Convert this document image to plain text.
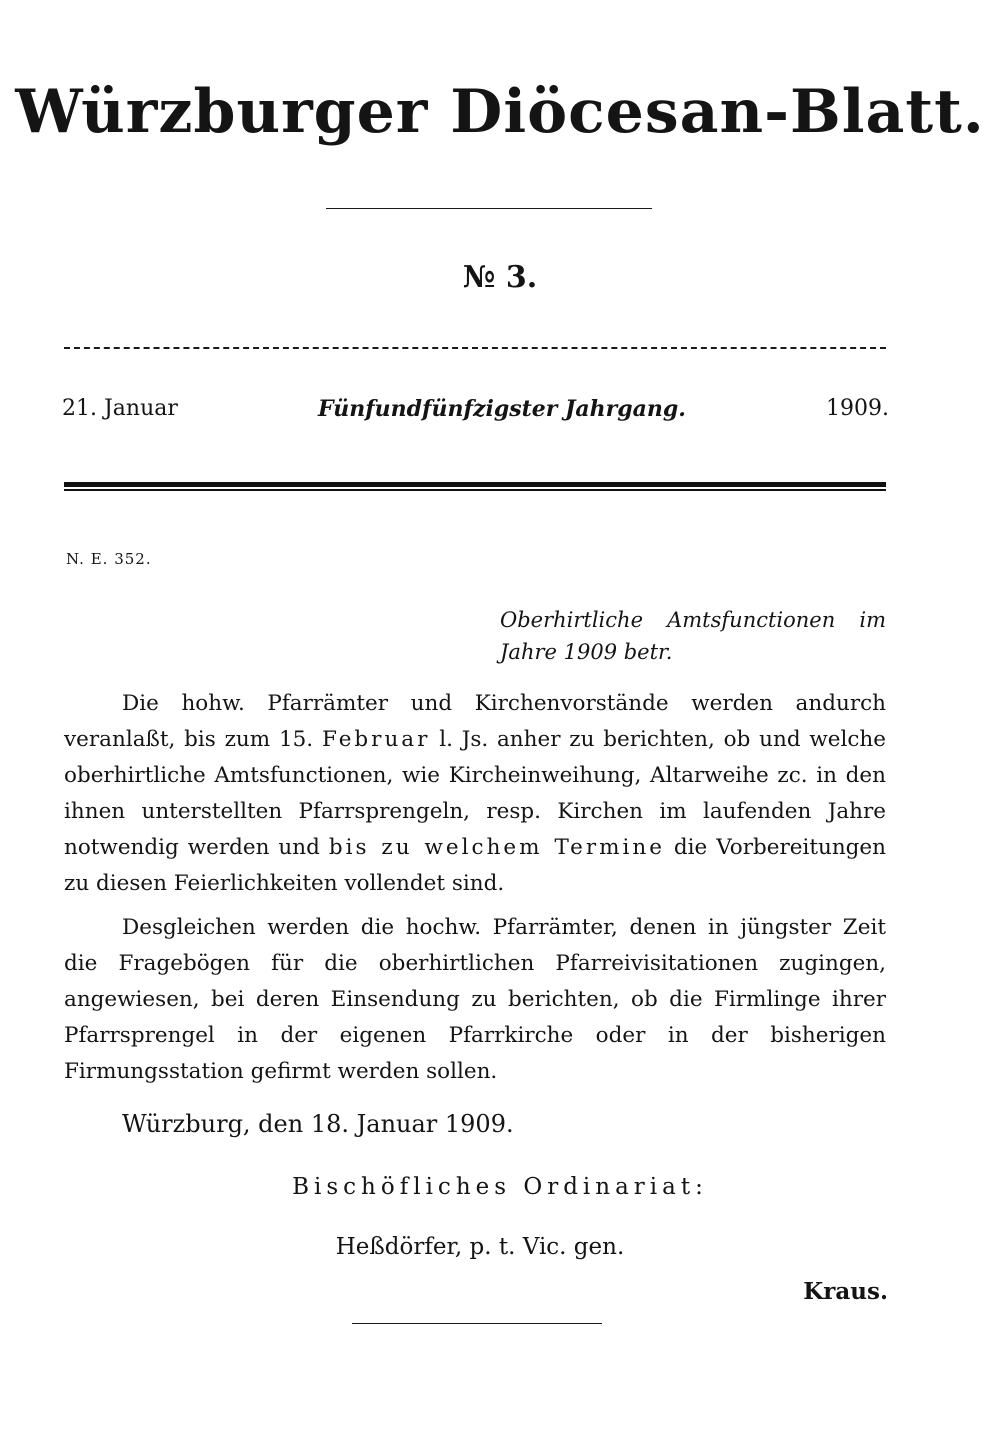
Würzburger Diöcesan-Blatt.
№ 3.
21. Januar	Fünfundfünfzigster Jahrgang.	1909.
N. E. 352.
Oberhirtliche Amtsfunctionen im Jahre 1909 betr.
Die hohw. Pfarrämter und Kirchenvorstände werden andurch veranlaßt, bis zum 15. Februar l. Js. anher zu berichten, ob und welche oberhirtliche Amtsfunctionen, wie Kircheinweihung, Altarweihe zc. in den ihnen unterstellten Pfarrsprengeln, resp. Kirchen im laufenden Jahre notwendig werden und bis zu welchem Termine die Vorbereitungen zu diesen Feierlichkeiten vollendet sind.
Desgleichen werden die hochw. Pfarrämter, denen in jüngster Zeit die Fragebögen für die oberhirtlichen Pfarreivisitationen zugingen, angewiesen, bei deren Einsendung zu berichten, ob die Firmlinge ihrer Pfarrsprengel in der eigenen Pfarrkirche oder in der bisherigen Firmungsstation gefirmt werden sollen.
Würzburg, den 18. Januar 1909.
Bischöfliches Ordinariat:
Heßdörfer, p. t. Vic. gen.
Kraus.
